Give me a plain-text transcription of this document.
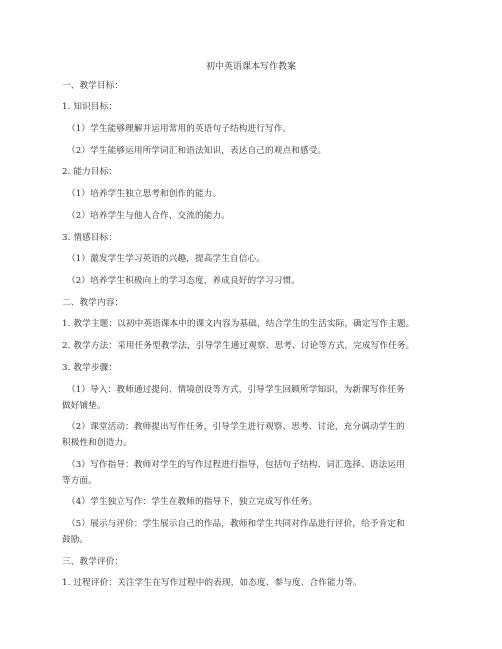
初中英语课本写作教案
一、教学目标：
1. 知识目标：
（1）学生能够理解并运用常用的英语句子结构进行写作。
（2）学生能够运用所学词汇和语法知识，表达自己的观点和感受。
2. 能力目标：
（1）培养学生独立思考和创作的能力。
（2）培养学生与他人合作、交流的能力。
3. 情感目标：
（1）激发学生学习英语的兴趣，提高学生自信心。
（2）培养学生积极向上的学习态度，养成良好的学习习惯。
二、教学内容：
1. 教学主题：以初中英语课本中的课文内容为基础，结合学生的生活实际，确定写作主题。
2. 教学方法：采用任务型教学法，引导学生通过观察、思考、讨论等方式，完成写作任务。
3. 教学步骤：
（1）导入：教师通过提问、情境创设等方式，引导学生回顾所学知识，为新课写作任务
做好铺垫。
（2）课堂活动：教师提出写作任务，引导学生进行观察、思考、讨论，充分调动学生的
积极性和创造力。
（3）写作指导：教师对学生的写作过程进行指导，包括句子结构、词汇选择、语法运用
等方面。
（4）学生独立写作：学生在教师的指导下，独立完成写作任务。
（5）展示与评价：学生展示自己的作品，教师和学生共同对作品进行评价，给予肯定和
鼓励。
三、教学评价：
1. 过程评价：关注学生在写作过程中的表现，如态度、参与度、合作能力等。
